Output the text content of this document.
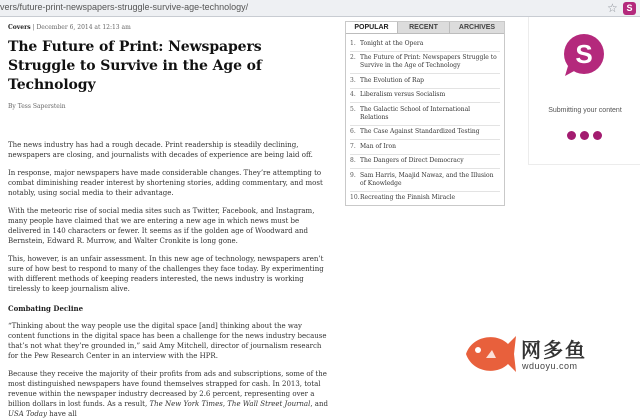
vers/future-print-newspapers-struggle-survive-age-technology/	☆ S
Covers | December 6, 2014 at 12:13 am
The Future of Print: Newspapers Struggle to Survive in the Age of Technology
By Tess Saperstein

The news industry has had a rough decade. Print readership is steadily declining, newspapers are closing, and journalists with decades of experience are being laid off.

In response, major newspapers have made considerable changes. They’re attempting to combat diminishing reader interest by shortening stories, adding commentary, and most notably, using social media to their advantage.

With the meteoric rise of social media sites such as Twitter, Facebook, and Instagram, many people have claimed that we are entering a new age in which news must be delivered in 140 characters or fewer. It seems as if the golden age of Woodward and Bernstein, Edward R. Murrow, and Walter Cronkite is long gone.

This, however, is an unfair assessment. In this new age of technology, newspapers aren’t sure of how best to respond to many of the challenges they face today. By experimenting with different methods of keeping readers interested, the news industry is working tirelessly to keep journalism alive.

Combating Decline

“Thinking about the way people use the digital space [and] thinking about the way content functions in the digital space has been a challenge for the news industry because that’s not what they’re grounded in,” said Amy Mitchell, director of journalism research for the Pew Research Center in an interview with the HPR.

Because they receive the majority of their profits from ads and subscriptions, some of the most distinguished newspapers have found themselves strapped for cash. In 2013, total revenue within the newspaper industry decreased by 2.6 percent, representing over a billion dollars in lost funds. As a result, The New York Times, The Wall Street Journal, and USA Today have all

POPULAR	RECENT	ARCHIVES
1. Tonight at the Opera
2. The Future of Print: Newspapers Struggle to Survive in the Age of Technology
3. The Evolution of Rap
4. Liberalism versus Socialism
5. The Galactic School of International Relations
6. The Case Against Standardized Testing
7. Man of Iron
8. The Dangers of Direct Democracy
9. Sam Harris, Maajid Nawaz, and the Illusion of Knowledge
10. Recreating the Finnish Miracle
S
Submitting your content
网多鱼
wduoyu.com
